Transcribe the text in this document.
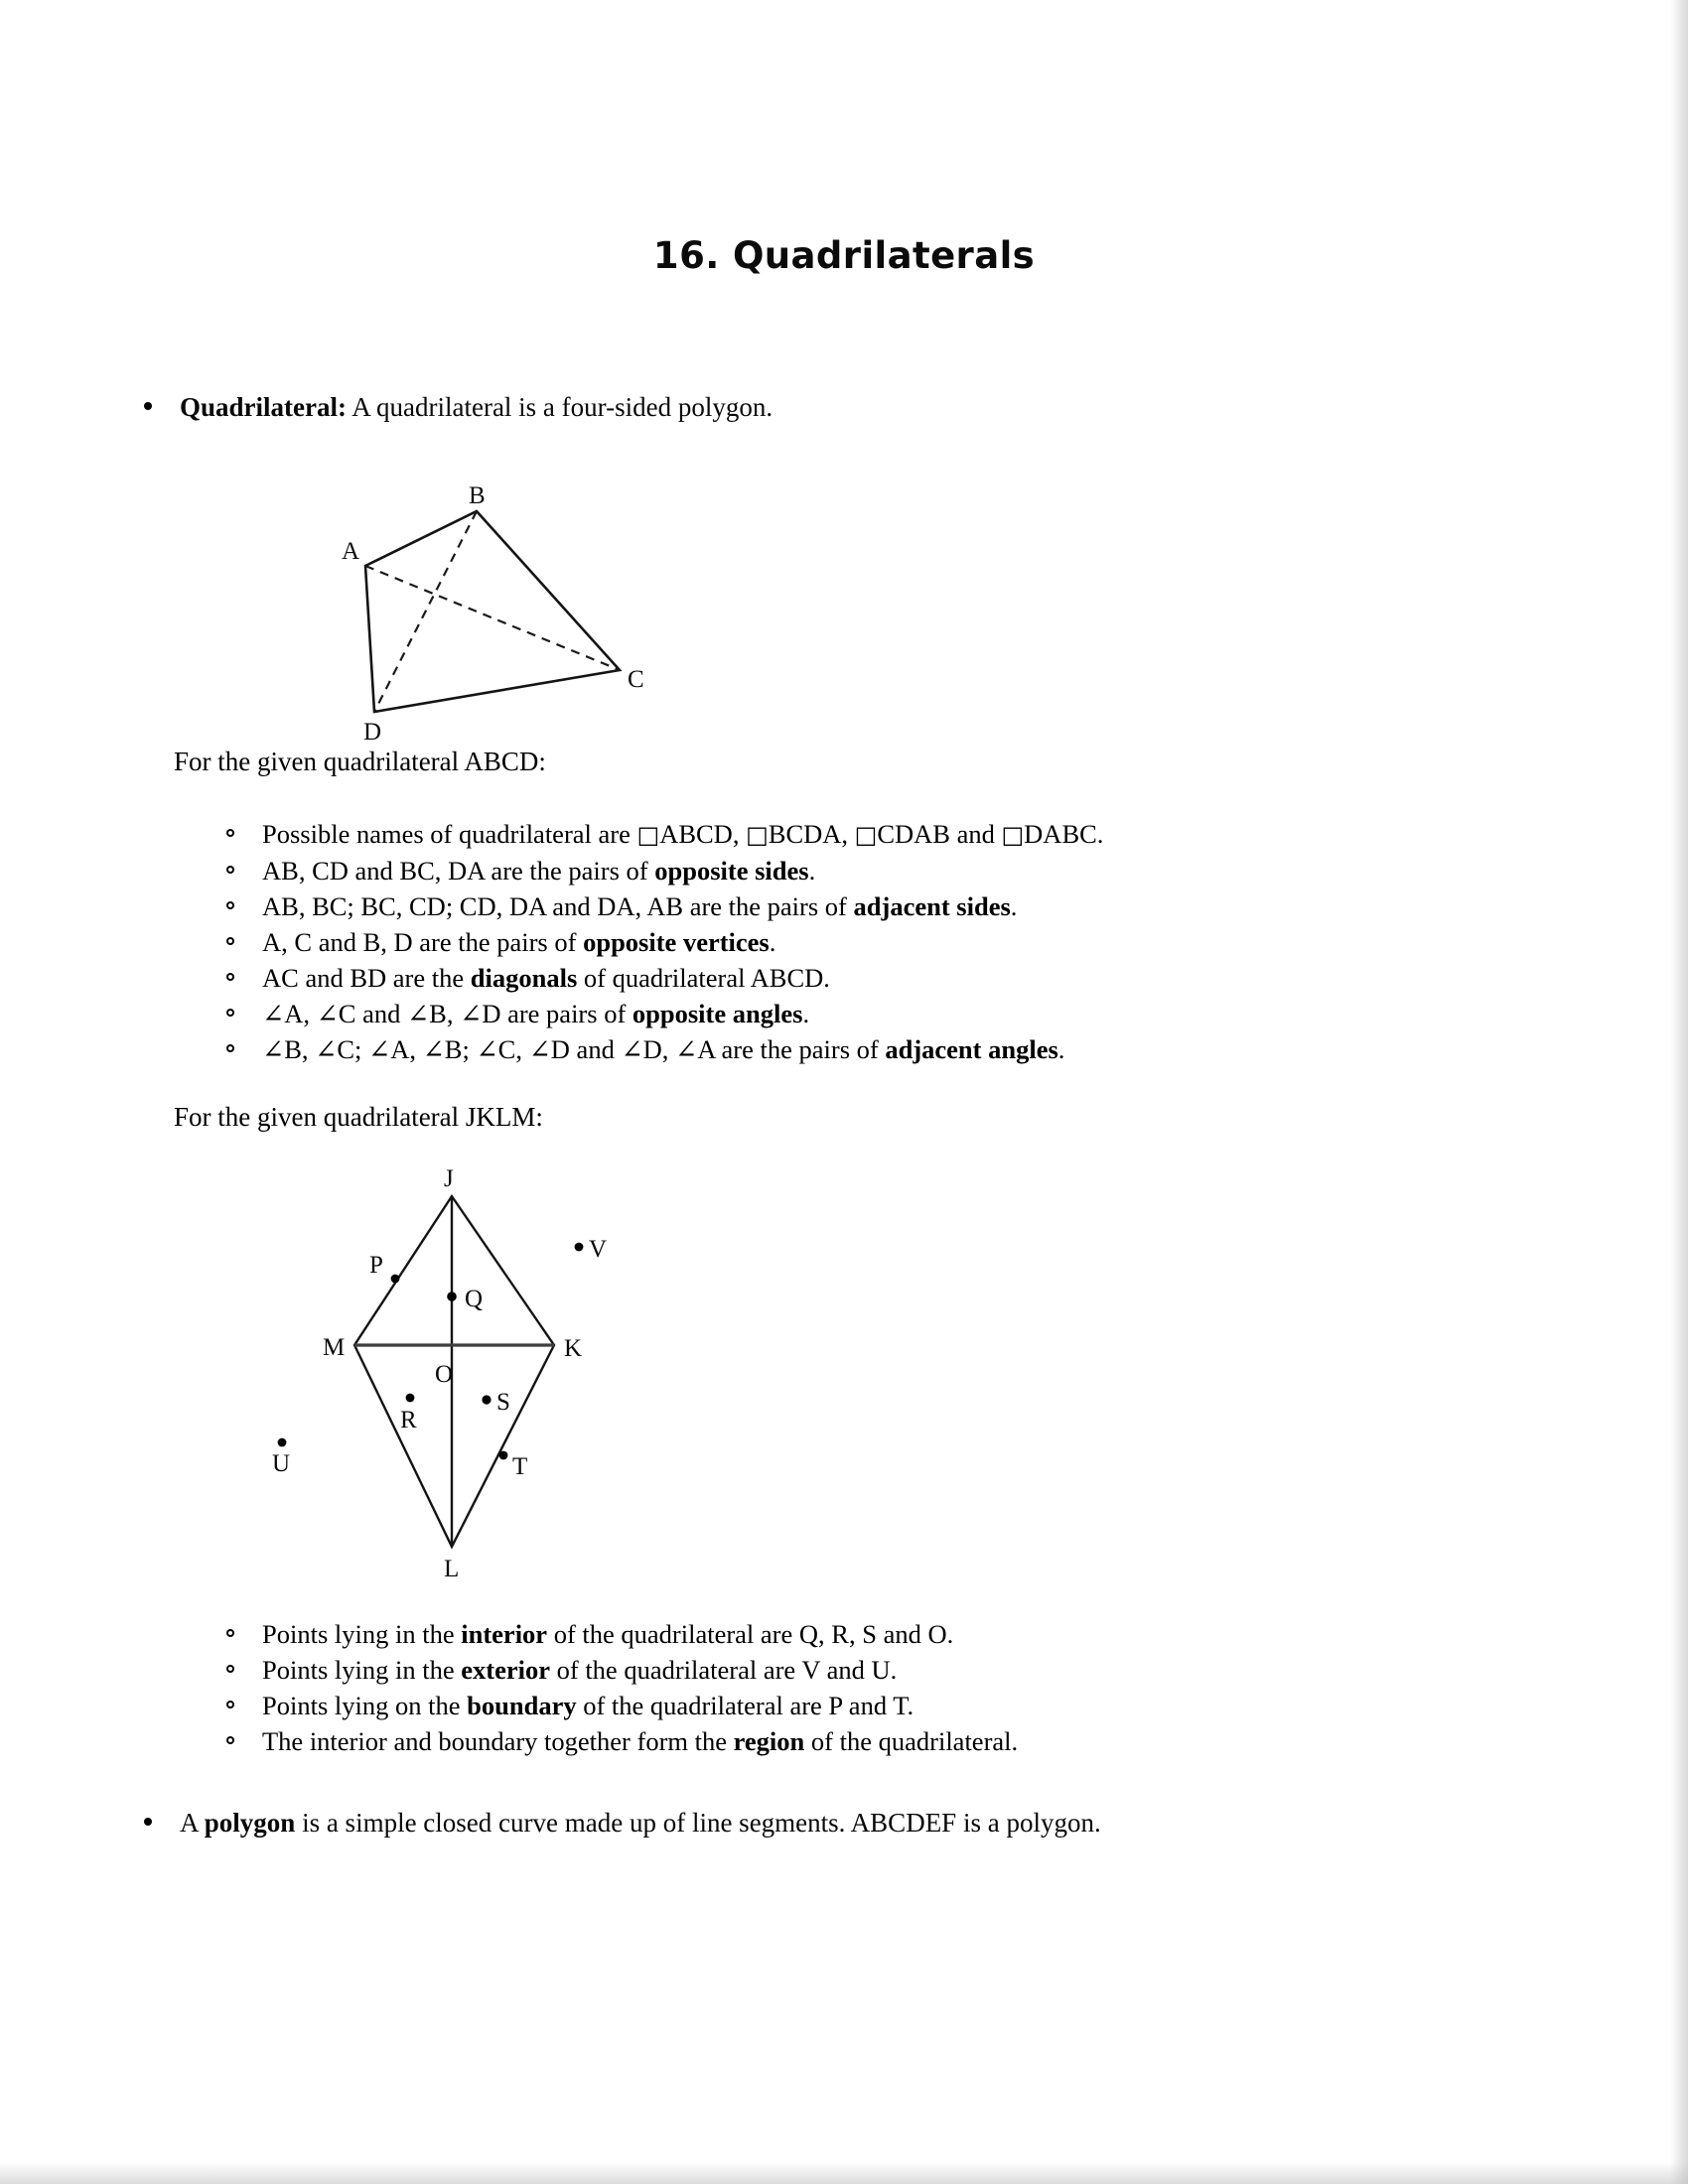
16. Quadrilaterals
Quadrilateral: A quadrilateral is a four-sided polygon.
A
B
C
D
For the given quadrilateral ABCD:
Possible names of quadrilateral are □ABCD, □BCDA, □CDAB and □DABC.
AB, CD and BC, DA are the pairs of opposite sides.
AB, BC; BC, CD; CD, DA and DA, AB are the pairs of adjacent sides.
A, C and B, D are the pairs of opposite vertices.
AC and BD are the diagonals of quadrilateral ABCD.
∠A, ∠C and ∠B, ∠D are pairs of opposite angles.
∠B, ∠C; ∠A, ∠B; ∠C, ∠D and ∠D, ∠A are the pairs of adjacent angles.
For the given quadrilateral JKLM:
J
K
L
M
O
P
Q
R
S
T
U
V
Points lying in the interior of the quadrilateral are Q, R, S and O.
Points lying in the exterior of the quadrilateral are V and U.
Points lying on the boundary of the quadrilateral are P and T.
The interior and boundary together form the region of the quadrilateral.
A polygon is a simple closed curve made up of line segments. ABCDEF is a polygon.
